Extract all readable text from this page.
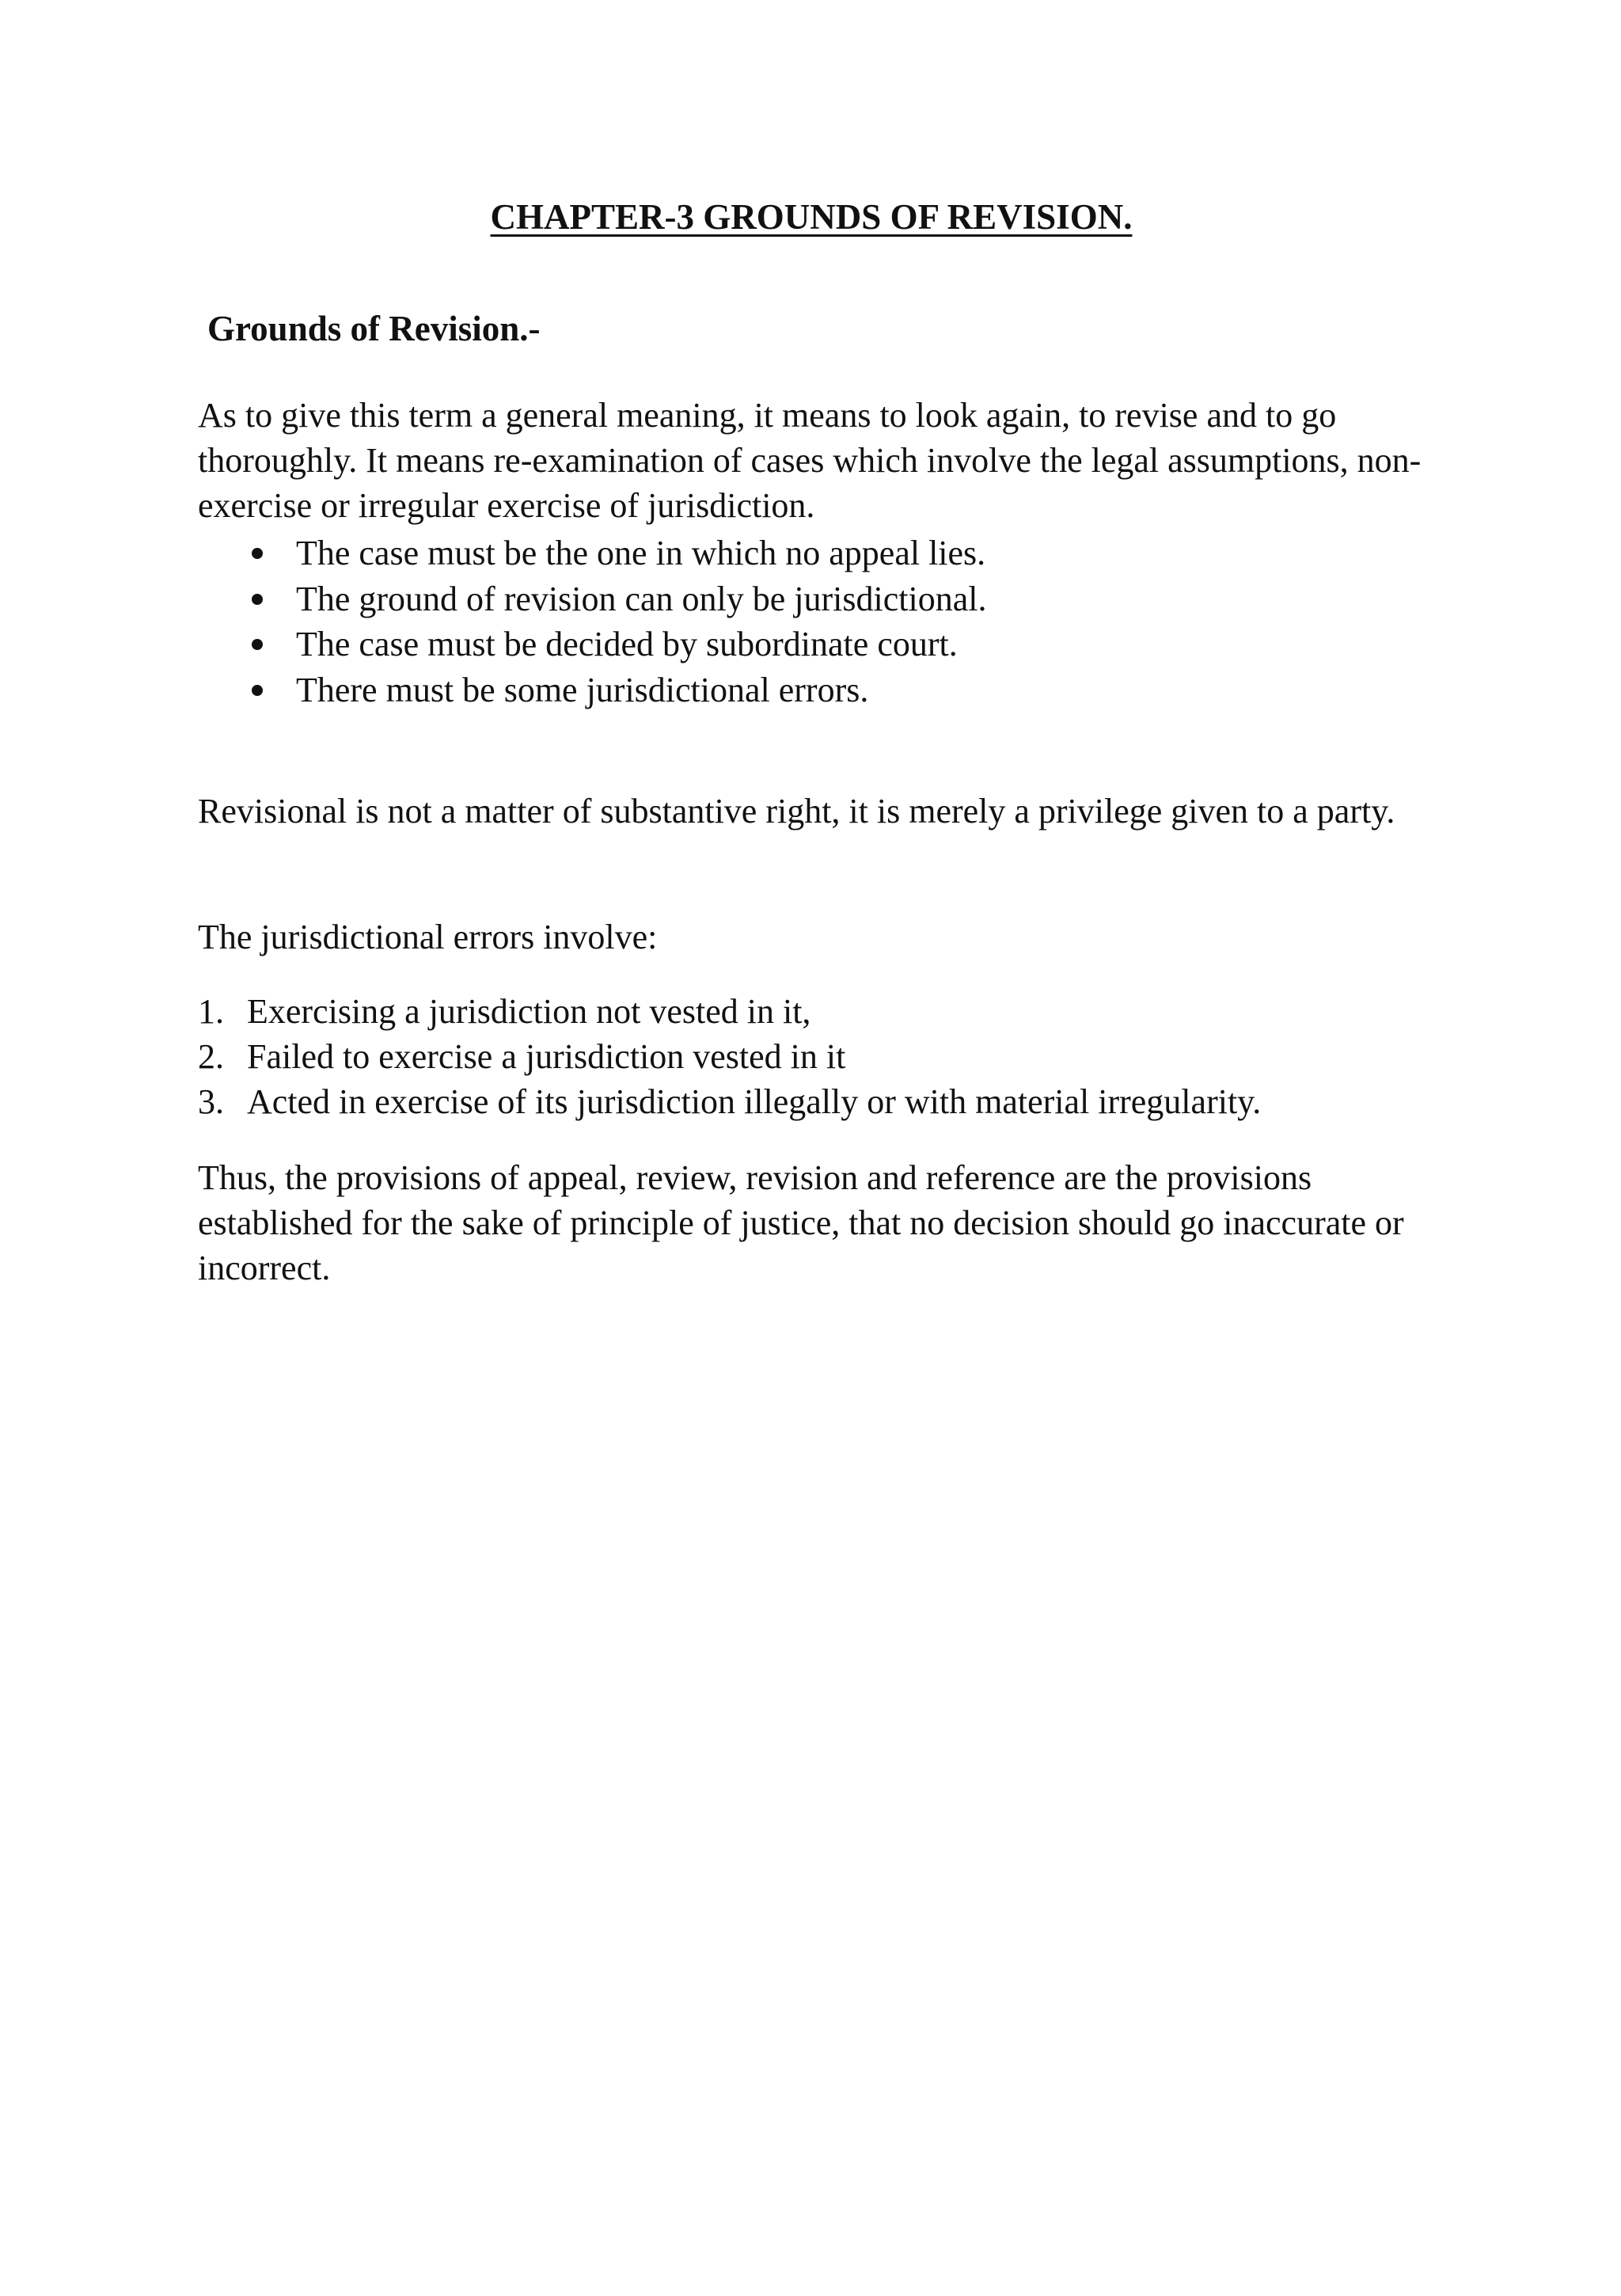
CHAPTER-3 GROUNDS OF REVISION.
Grounds of Revision.-

As to give this term a general meaning, it means to look again, to revise and to go thoroughly. It means re-examination of cases which involve the legal assumptions, non-exercise or irregular exercise of jurisdiction.

The case must be the one in which no appeal lies.
The ground of revision can only be jurisdictional.
The case must be decided by subordinate court.
There must be some jurisdictional errors.

Revisional is not a matter of substantive right, it is merely a privilege given to a party.

The jurisdictional errors involve:

1. Exercising a jurisdiction not vested in it,
2. Failed to exercise a jurisdiction vested in it
3. Acted in exercise of its jurisdiction illegally or with material irregularity.

Thus, the provisions of appeal, review, revision and reference are the provisions established for the sake of principle of justice, that no decision should go inaccurate or incorrect.
